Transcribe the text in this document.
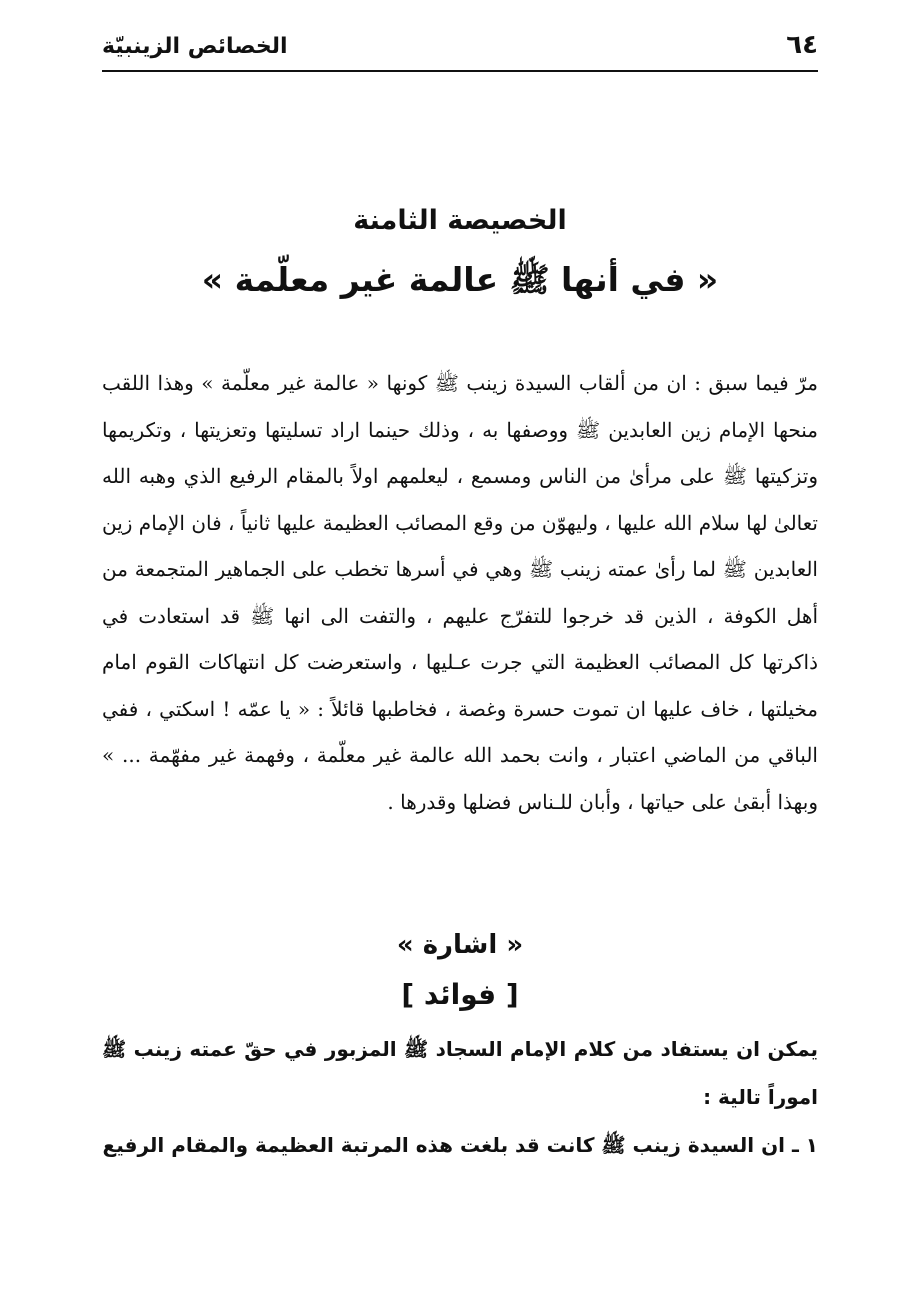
٦٤
الخصائص الزينبيّة
الخصيصة الثامنة
« في أنها ﷺ عالمة غير معلّمة »

مرّ فيما سبق : ان من ألقاب السيدة زينب ﷺ كونها « عالمة غير معلّمة » وهذا اللقب منحها الإمام زين العابدين ﷺ ووصفها به ، وذلك حينما اراد تسليتها وتعزيتها ، وتكريمها وتزكيتها ﷺ على مرأىٰ من الناس ومسمع ، ليعلمهم اولاً بالمقام الرفيع الذي وهبه الله تعالىٰ لها سلام الله عليها ، وليهوّن من وقع المصائب العظيمة عليها ثانياً ، فان الإمام زين العابدين ﷺ لما رأىٰ عمته زينب ﷺ وهي في أسرها تخطب على الجماهير المتجمعة من أهل الكوفة ، الذين قد خرجوا للتفرّج عليهم ، والتفت الى انها ﷺ قد استعادت في ذاكرتها كل المصائب العظيمة التي جرت عـليها ، واستعرضت كل انتهاكات القوم امام مخيلتها ، خاف عليها ان تموت حسرة وغصة ، فخاطبها قائلاً : « يا عمّه ! اسكتي ، ففي الباقي من الماضي اعتبار ، وانت بحمد الله عالمة غير معلّمة ، وفهمة غير مفهّمة ... » وبهذا أبقىٰ على حياتها ، وأبان للـناس فضلها وقدرها .

« اشارة »
[ فوائد ]

يمكن ان يستفاد من كلام الإمام السجاد ﷺ المزبور في حقّ عمته زينب ﷺ اموراً تالية :

١ ـ ان السيدة زينب ﷺ كانت قد بلغت هذه المرتبة العظيمة والمقام الرفيع
